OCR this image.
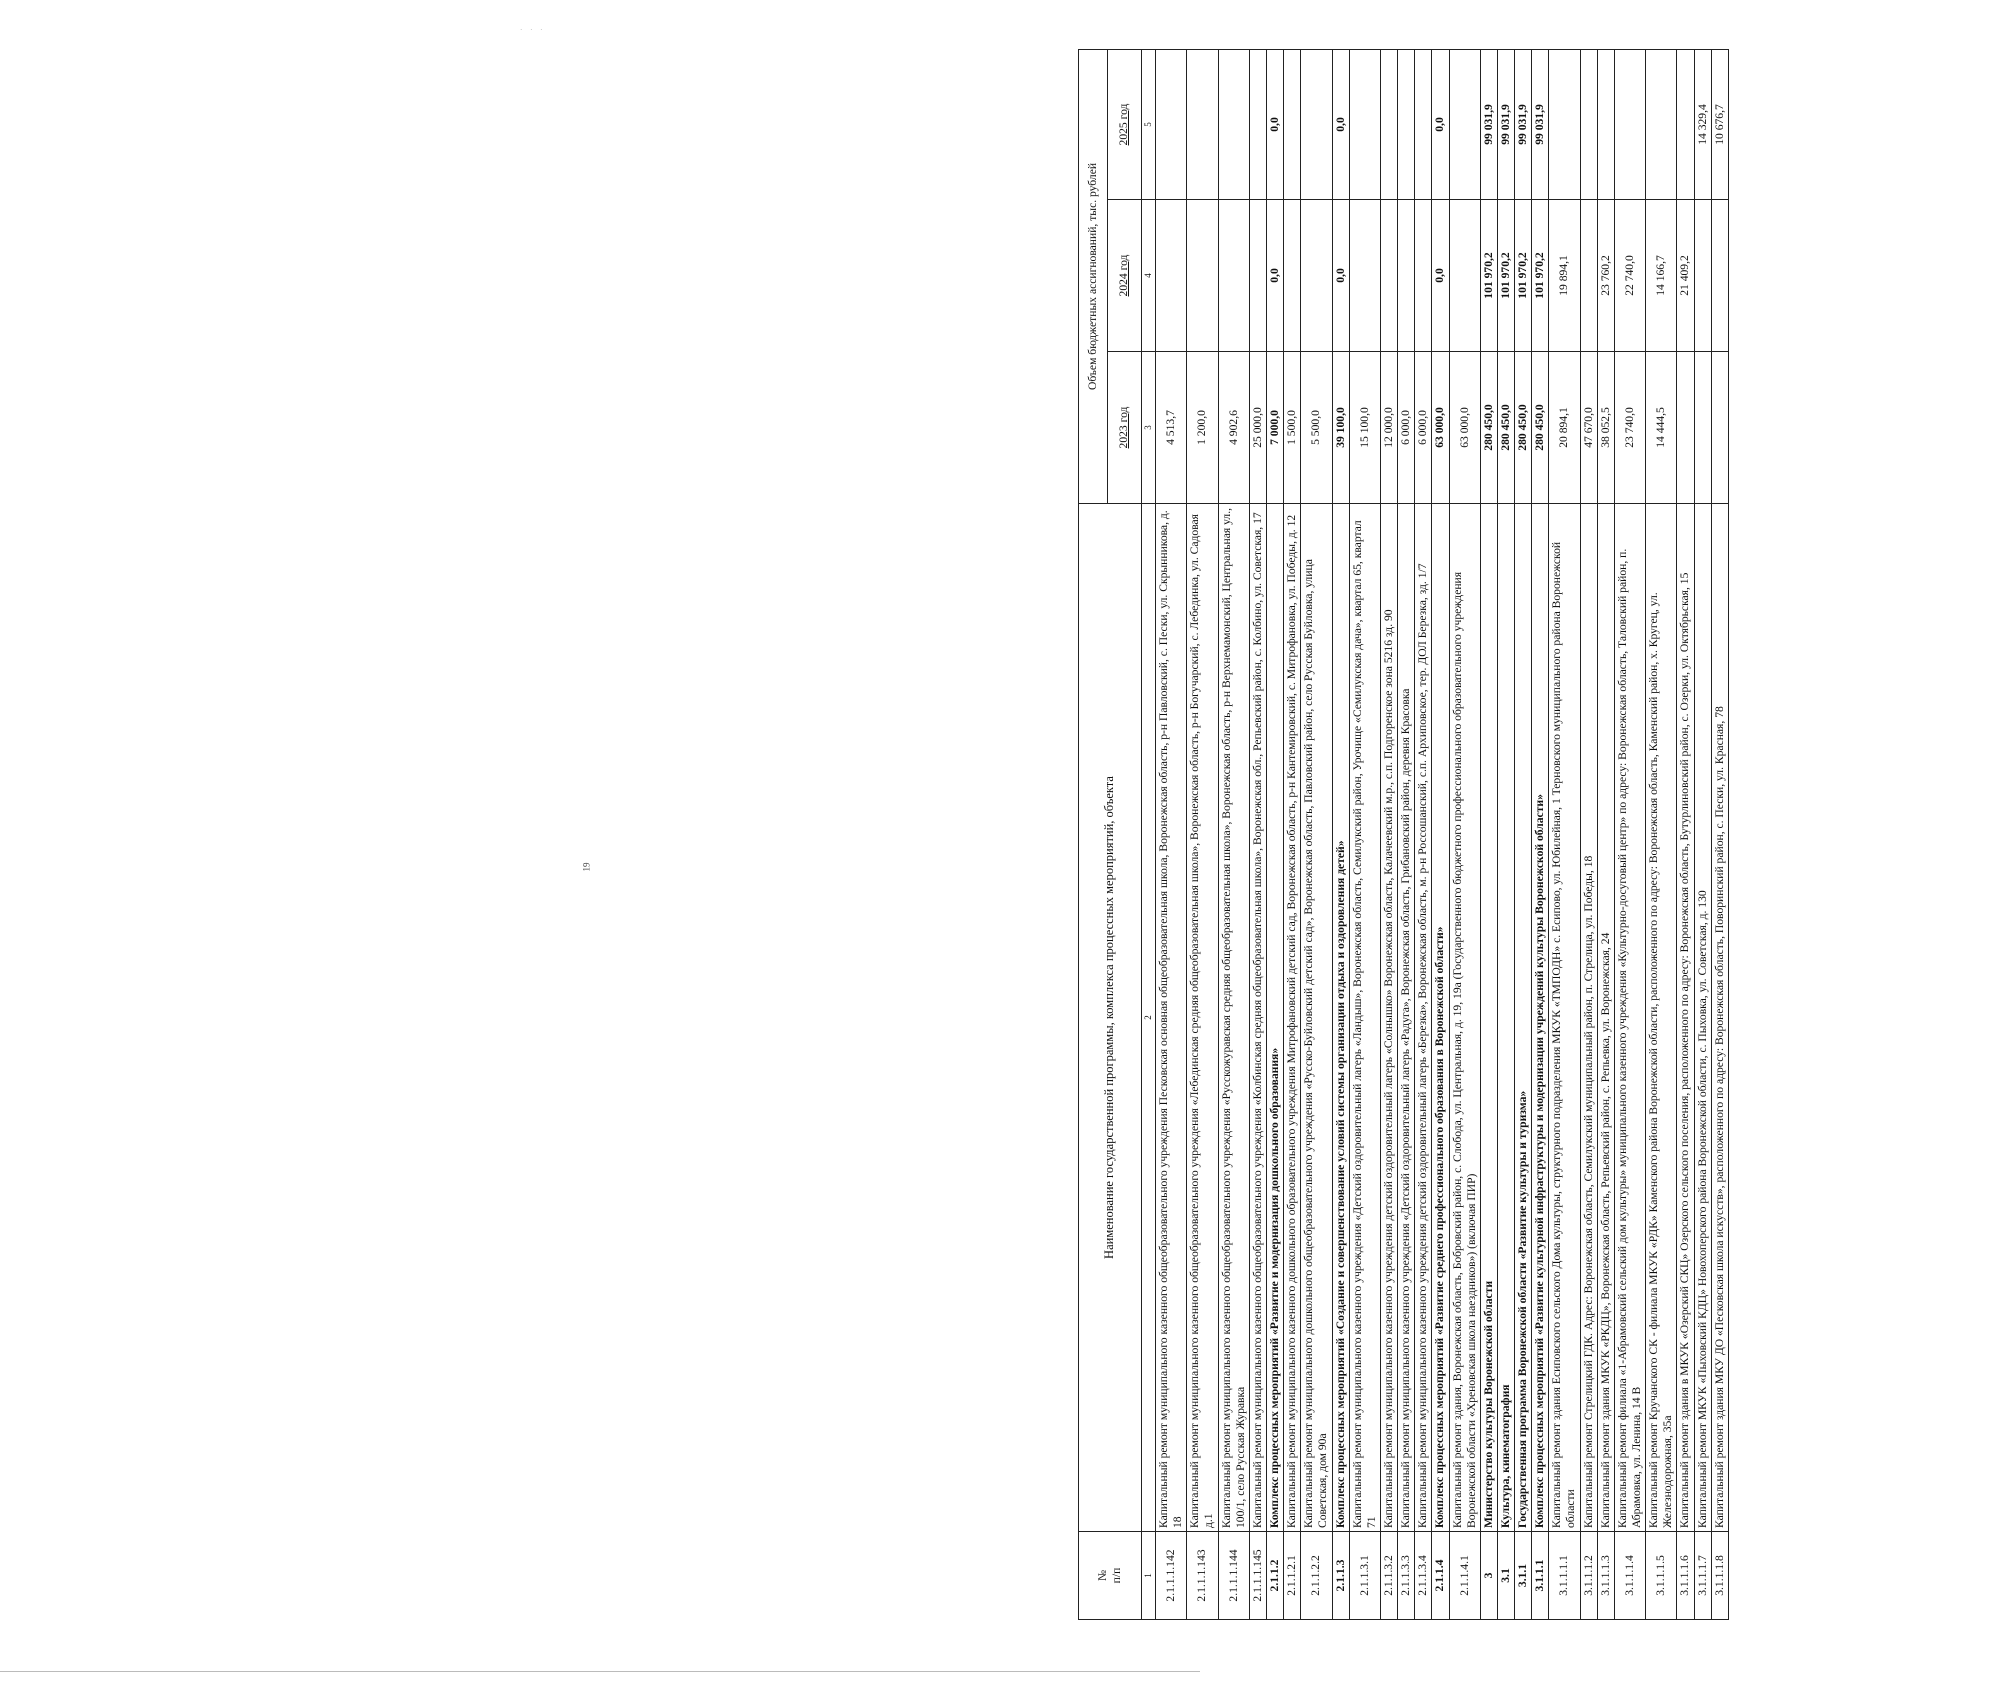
· · ·
19
№
п/п	Наименование государственной программы, комплекса процессных мероприятий, объекта	Объем бюджетных ассигнований, тыс. рублей		
		2023 год	2024 год	2025 год
1	2	3	4	5
2.1.1.1.142	Капитальный ремонт муниципального казенного общеобразовательного учреждения Песковская основная общеобразовательная школа, Воронежская область, р-н Павловский, с. Пески, ул. Скрынникова, д. 18	4 513,7		
2.1.1.1.143	Капитальный ремонт муниципального казенного общеобразовательного учреждения «Лебединская средняя общеобразовательная школа», Воронежская область, р-н Богучарский, с. Лебединка, ул. Садовая д.1	1 200,0		
2.1.1.1.144	Капитальный ремонт муниципального казенного общеобразовательного учреждения «Русскожуравская средняя общеобразовательная школа», Воронежская область, р-н Верхнемамонский, Центральная ул., 100/1, село Русская Журавка	4 902,6		
2.1.1.1.145	Капитальный ремонт муниципального казенного общеобразовательного учреждения «Колбинская средняя общеобразовательная школа», Воронежская обл., Репьевский район, с. Колбино, ул. Советская, 17	25 000,0		
2.1.1.2	Комплекс процессных мероприятий «Развитие и модернизация дошкольного образования»	7 000,0	0,0	0,0
2.1.1.2.1	Капитальный ремонт муниципального казенного дошкольного образовательного учреждения Митрофановский детский сад, Воронежская область, р-н Кантемировский, с. Митрофановка, ул. Победы, д. 12	1 500,0		
2.1.1.2.2	Капитальный ремонт муниципального дошкольного общеобразовательного учреждения «Русско-Буйловский детский сад», Воронежская область, Павловский район, село Русская Буйловка, улица Советская, дом 90а	5 500,0		
2.1.1.3	Комплекс процессных мероприятий «Создание и совершенствование условий системы организации отдыха и оздоровления детей»	39 100,0	0,0	0,0
2.1.1.3.1	Капитальный ремонт муниципального казенного учреждения «Детский оздоровительный лагерь «Ландыш», Воронежская область, Семилукский район, Урочище «Семилукская дача», квартал 65, квартал 71	15 100,0		
2.1.1.3.2	Капитальный ремонт муниципального казенного учреждения детский оздоровительный лагерь «Солнышко» Воронежская область, Калачеевский м.р., с.п. Подгоренское зона 5216 зд. 90	12 000,0		
2.1.1.3.3	Капитальный ремонт муниципального казенного учреждения «Детский оздоровительный лагерь «Радуга», Воронежская область, Грибановский район, деревня Красовка	6 000,0		
2.1.1.3.4	Капитальный ремонт муниципального казенного учреждения детский оздоровительный лагерь «Березка», Воронежская область, м. р-н Россошанский, с.п. Архиповское, тер. ДОЛ Березка, зд. 1/7	6 000,0		
2.1.1.4	Комплекс процессных мероприятий «Развитие среднего профессионального образования в Воронежской области»	63 000,0	0,0	0,0
2.1.1.4.1	Капитальный ремонт здания, Воронежская область, Бобровский район, с. Слобода, ул. Центральная, д. 19, 19а (Государственного бюджетного профессионального образовательного учреждения Воронежской области «Хреновская школа наездников») (включая ПИР)	63 000,0		
3	Министерство культуры Воронежской области	280 450,0	101 970,2	99 031,9
3.1	Культура, кинематография	280 450,0	101 970,2	99 031,9
3.1.1	Государственная программа Воронежской области «Развитие культуры и туризма»	280 450,0	101 970,2	99 031,9
3.1.1.1	Комплекс процессных мероприятий «Развитие культурной инфраструктуры и модернизации учреждений культуры Воронежской области»	280 450,0	101 970,2	99 031,9
3.1.1.1.1	Капитальный ремонт здания Есиповского сельского Дома культуры, структурного подразделения МКУК «ТМПОДН» с. Есипово, ул. Юбилейная, 1 Терновского муниципального района Воронежской области	20 894,1	19 894,1	
3.1.1.1.2	Капитальный ремонт Стрелицкий ГДК. Адрес: Воронежская область, Семилукский муниципальный район, п. Стрелица, ул. Победы, 18	47 670,0		
3.1.1.1.3	Капитальный ремонт здания МКУК «РКДЦ», Воронежская область, Репьевский район, с. Репьевка, ул. Воронежская, 24	38 052,5	23 760,2	
3.1.1.1.4	Капитальный ремонт филиала «1-Абрамовский сельский дом культуры» муниципального казенного учреждения «Культурно-досуговый центр» по адресу: Воронежская область, Таловский район, п. Абрамовка, ул. Ленина, 14 В	23 740,0	22 740,0	
3.1.1.1.5	Капитальный ремонт Кручанского СК - филиала МКУК «РДК» Каменского района Воронежской области, расположенного по адресу: Воронежская область, Каменский район, х. Кругец, ул. Железнодорожная, 35а	14 444,5	14 166,7	
3.1.1.1.6	Капитальный ремонт здания в МКУК «Озерский СКЦ» Озерского сельского поселения, расположенного по адресу: Воронежская область, Бутурлиновский район, с. Озерки, ул. Октябрьская, 15		21 409,2	
3.1.1.1.7	Капитальный ремонт МКУК «Пыховский КДЦ» Новохоперского района Воронежской области, с. Пыховка, ул. Советская, д. 130			14 329,4
3.1.1.1.8	Капитальный ремонт здания МКУ ДО «Песковская школа искусств», расположенного по адресу: Воронежская область, Поворинский район, с. Пески, ул. Красная, 78			10 676,7
